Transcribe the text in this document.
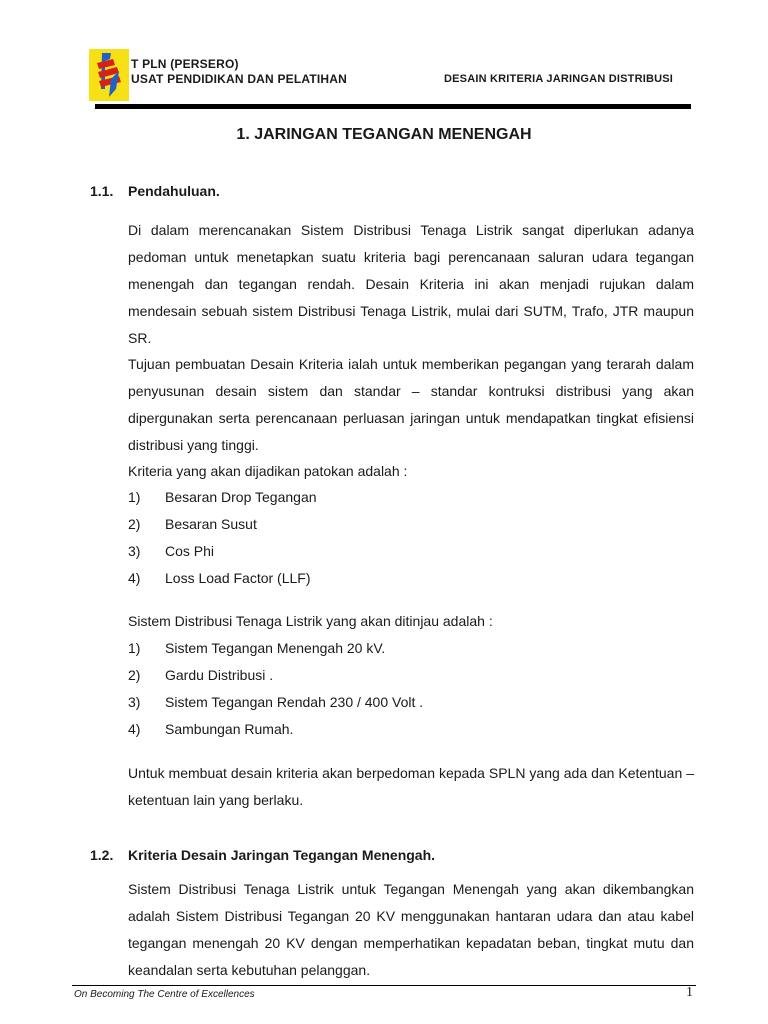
T PLN (PERSERO)
USAT PENDIDIKAN DAN PELATIHAN	DESAIN KRITERIA JARINGAN DISTRIBUSI
1. JARINGAN TEGANGAN MENENGAH
1.1. Pendahuluan.

Di dalam merencanakan Sistem Distribusi Tenaga Listrik sangat diperlukan adanya pedoman untuk menetapkan suatu kriteria bagi perencanaan saluran udara tegangan menengah dan tegangan rendah. Desain Kriteria ini akan menjadi rujukan dalam mendesain sebuah sistem Distribusi Tenaga Listrik, mulai dari SUTM, Trafo, JTR maupun SR.

Tujuan pembuatan Desain Kriteria ialah untuk memberikan pegangan yang terarah dalam penyusunan desain sistem dan standar – standar kontruksi distribusi yang akan dipergunakan serta perencanaan perluasan jaringan untuk mendapatkan tingkat efisiensi distribusi yang tinggi.

Kriteria yang akan dijadikan patokan adalah :

1) Besaran Drop Tegangan
2) Besaran Susut
3) Cos Phi
4) Loss Load Factor (LLF)

Sistem Distribusi Tenaga Listrik yang akan ditinjau adalah :

1) Sistem Tegangan Menengah 20 kV.
2) Gardu Distribusi .
3) Sistem Tegangan Rendah 230 / 400 Volt .
4) Sambungan Rumah.

Untuk membuat desain kriteria akan berpedoman kepada SPLN yang ada dan Ketentuan – ketentuan lain yang berlaku.

1.2. Kriteria Desain Jaringan Tegangan Menengah.

Sistem Distribusi Tenaga Listrik untuk Tegangan Menengah yang akan dikembangkan adalah Sistem Distribusi Tegangan 20 KV menggunakan hantaran udara dan atau kabel tegangan menengah 20 KV dengan memperhatikan kepadatan beban, tingkat mutu dan keandalan serta kebutuhan pelanggan.

On Becoming The Centre of Excellences	1
